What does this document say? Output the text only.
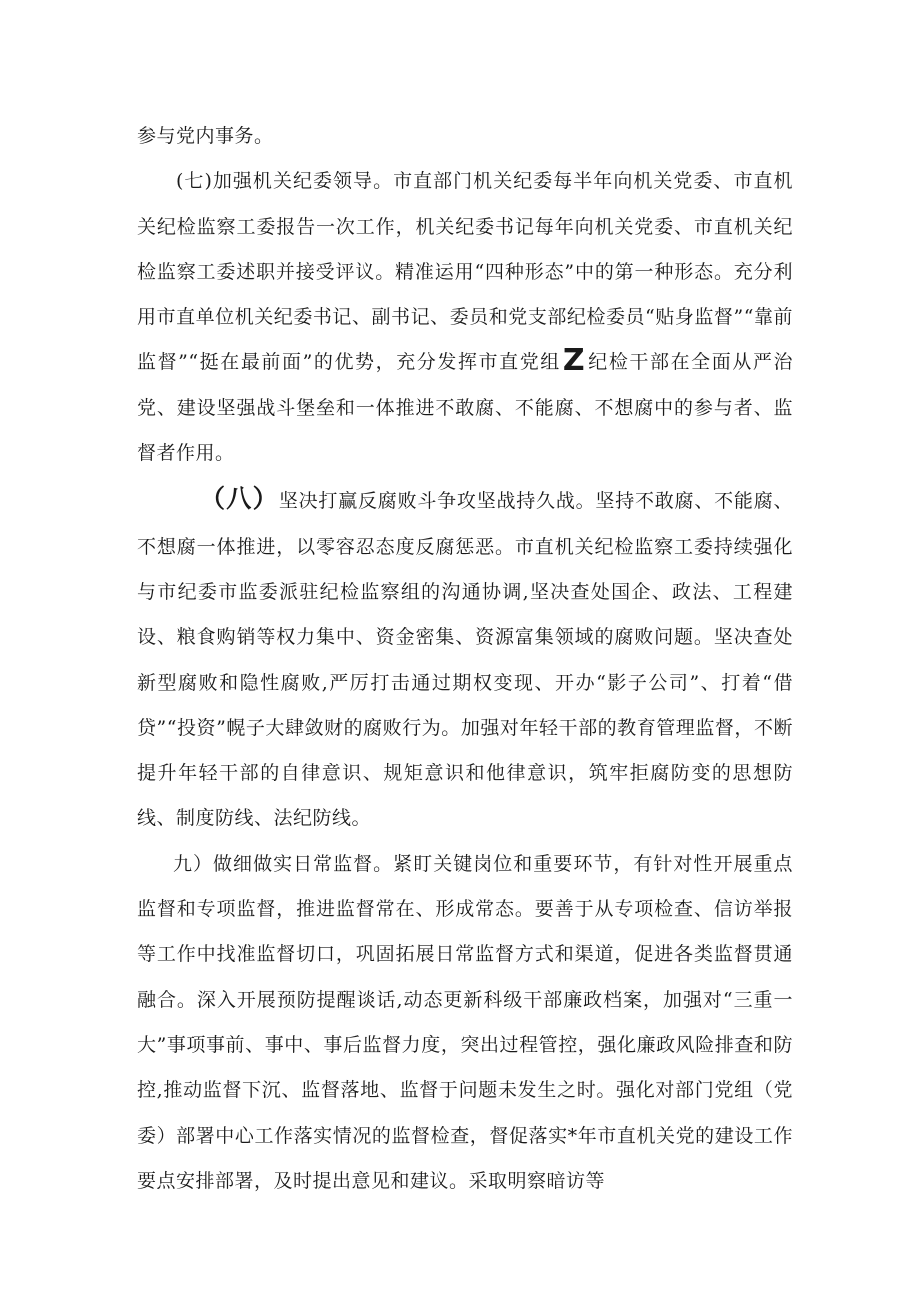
参与党内事务。

(七)加强机关纪委领导。市直部门机关纪委每半年向机关党委、市直机关纪检监察工委报告一次工作，机关纪委书记每年向机关党委、市直机关纪检监察工委述职并接受评议。精准运用“四种形态”中的第一种形态。充分利用市直单位机关纪委书记、副书记、委员和党支部纪检委员“贴身监督”“靠前监督”“挺在最前面”的优势，充分发挥市直党组Z 纪检干部在全面从严治党、建设坚强战斗堡垒和一体推进不敢腐、不能腐、不想腐中的参与者、监督者作用。

（八）坚决打赢反腐败斗争攻坚战持久战。坚持不敢腐、不能腐、不想腐一体推进，以零容忍态度反腐惩恶。市直机关纪检监察工委持续强化与市纪委市监委派驻纪检监察组的沟通协调,坚决查处国企、政法、工程建设、粮食购销等权力集中、资金密集、资源富集领域的腐败问题。坚决查处新型腐败和隐性腐败,严厉打击通过期权变现、开办“影子公司”、打着“借贷”“投资”幌子大肆敛财的腐败行为。加强对年轻干部的教育管理监督，不断提升年轻干部的自律意识、规矩意识和他律意识，筑牢拒腐防变的思想防线、制度防线、法纪防线。

九）做细做实日常监督。紧盯关键岗位和重要环节，有针对性开展重点监督和专项监督，推进监督常在、形成常态。要善于从专项检查、信访举报等工作中找准监督切口，巩固拓展日常监督方式和渠道，促进各类监督贯通融合。深入开展预防提醒谈话,动态更新科级干部廉政档案，加强对“三重一大”事项事前、事中、事后监督力度，突出过程管控，强化廉政风险排查和防控,推动监督下沉、监督落地、监督于问题未发生之时。强化对部门党组（党委）部署中心工作落实情况的监督检查，督促落实*年市直机关党的建设工作要点安排部署，及时提出意见和建议。采取明察暗访等
